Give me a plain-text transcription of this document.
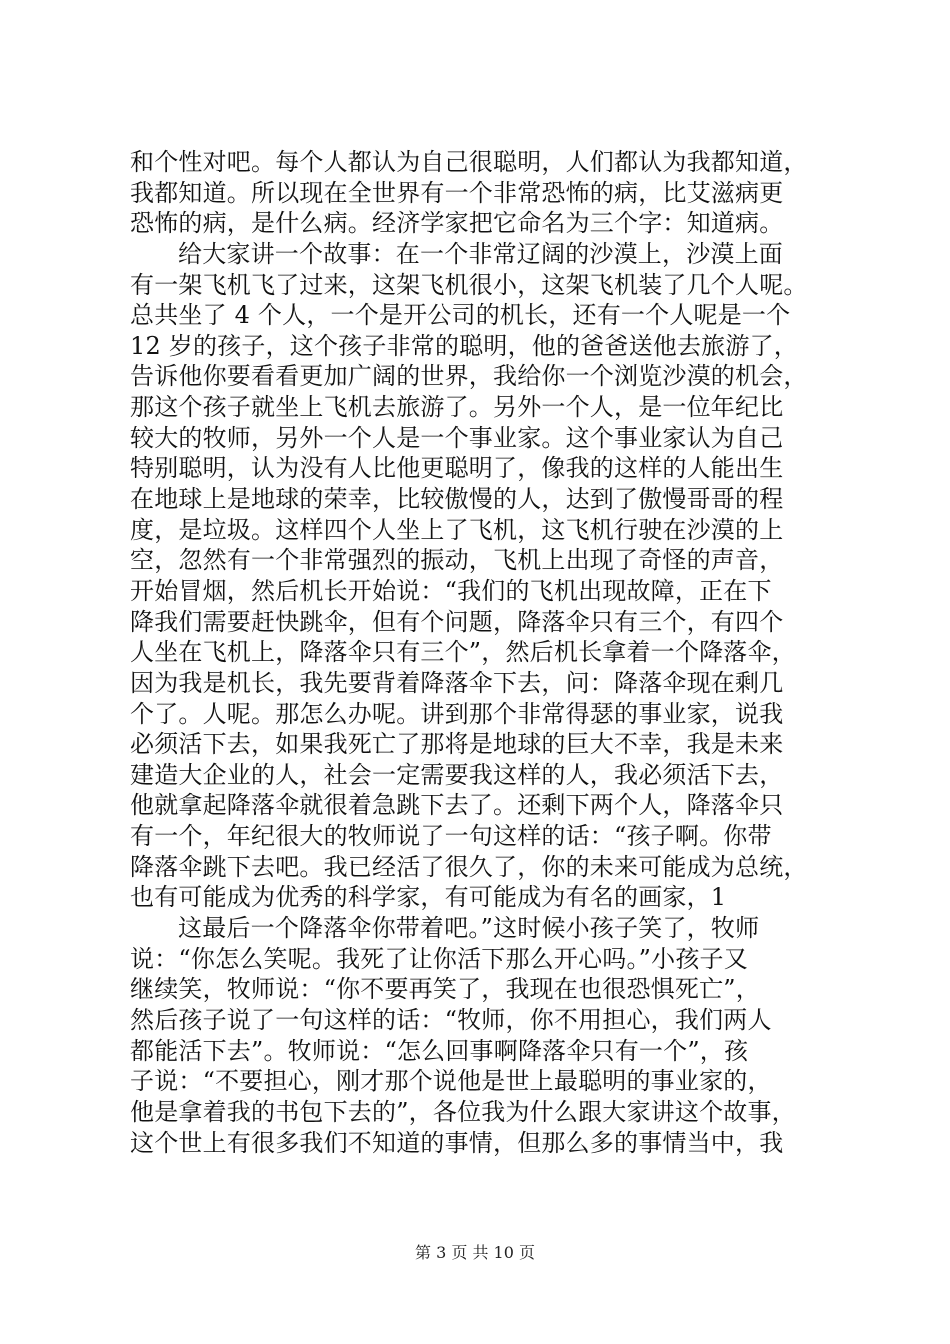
和个性对吧。每个人都认为自己很聪明，人们都认为我都知道，
我都知道。所以现在全世界有一个非常恐怖的病，比艾滋病更
恐怖的病，是什么病。经济学家把它命名为三个字：知道病。
给大家讲一个故事：在一个非常辽阔的沙漠上，沙漠上面
有一架飞机飞了过来，这架飞机很小，这架飞机装了几个人呢。
总共坐了 4 个人，一个是开公司的机长，还有一个人呢是一个
12 岁的孩子，这个孩子非常的聪明，他的爸爸送他去旅游了，
告诉他你要看看更加广阔的世界，我给你一个浏览沙漠的机会，
那这个孩子就坐上飞机去旅游了。另外一个人，是一位年纪比
较大的牧师，另外一个人是一个事业家。这个事业家认为自己
特别聪明，认为没有人比他更聪明了，像我的这样的人能出生
在地球上是地球的荣幸，比较傲慢的人，达到了傲慢哥哥的程
度，是垃圾。这样四个人坐上了飞机，这飞机行驶在沙漠的上
空，忽然有一个非常强烈的振动，飞机上出现了奇怪的声音，
开始冒烟，然后机长开始说：“我们的飞机出现故障，正在下
降我们需要赶快跳伞，但有个问题，降落伞只有三个，有四个
人坐在飞机上，降落伞只有三个”，然后机长拿着一个降落伞，
因为我是机长，我先要背着降落伞下去，问：降落伞现在剩几
个了。人呢。那怎么办呢。讲到那个非常得瑟的事业家，说我
必须活下去，如果我死亡了那将是地球的巨大不幸，我是未来
建造大企业的人，社会一定需要我这样的人，我必须活下去，
他就拿起降落伞就很着急跳下去了。还剩下两个人，降落伞只
有一个，年纪很大的牧师说了一句这样的话：“孩子啊。你带
降落伞跳下去吧。我已经活了很久了，你的未来可能成为总统，
也有可能成为优秀的科学家，有可能成为有名的画家，1
这最后一个降落伞你带着吧。”这时候小孩子笑了，牧师
说：“你怎么笑呢。我死了让你活下那么开心吗。”小孩子又
继续笑，牧师说：“你不要再笑了，我现在也很恐惧死亡”，
然后孩子说了一句这样的话：“牧师，你不用担心，我们两人
都能活下去”。牧师说：“怎么回事啊降落伞只有一个”，孩
子说：“不要担心，刚才那个说他是世上最聪明的事业家的，
他是拿着我的书包下去的”，各位我为什么跟大家讲这个故事，
这个世上有很多我们不知道的事情，但那么多的事情当中，我
第 3 页 共 10 页
